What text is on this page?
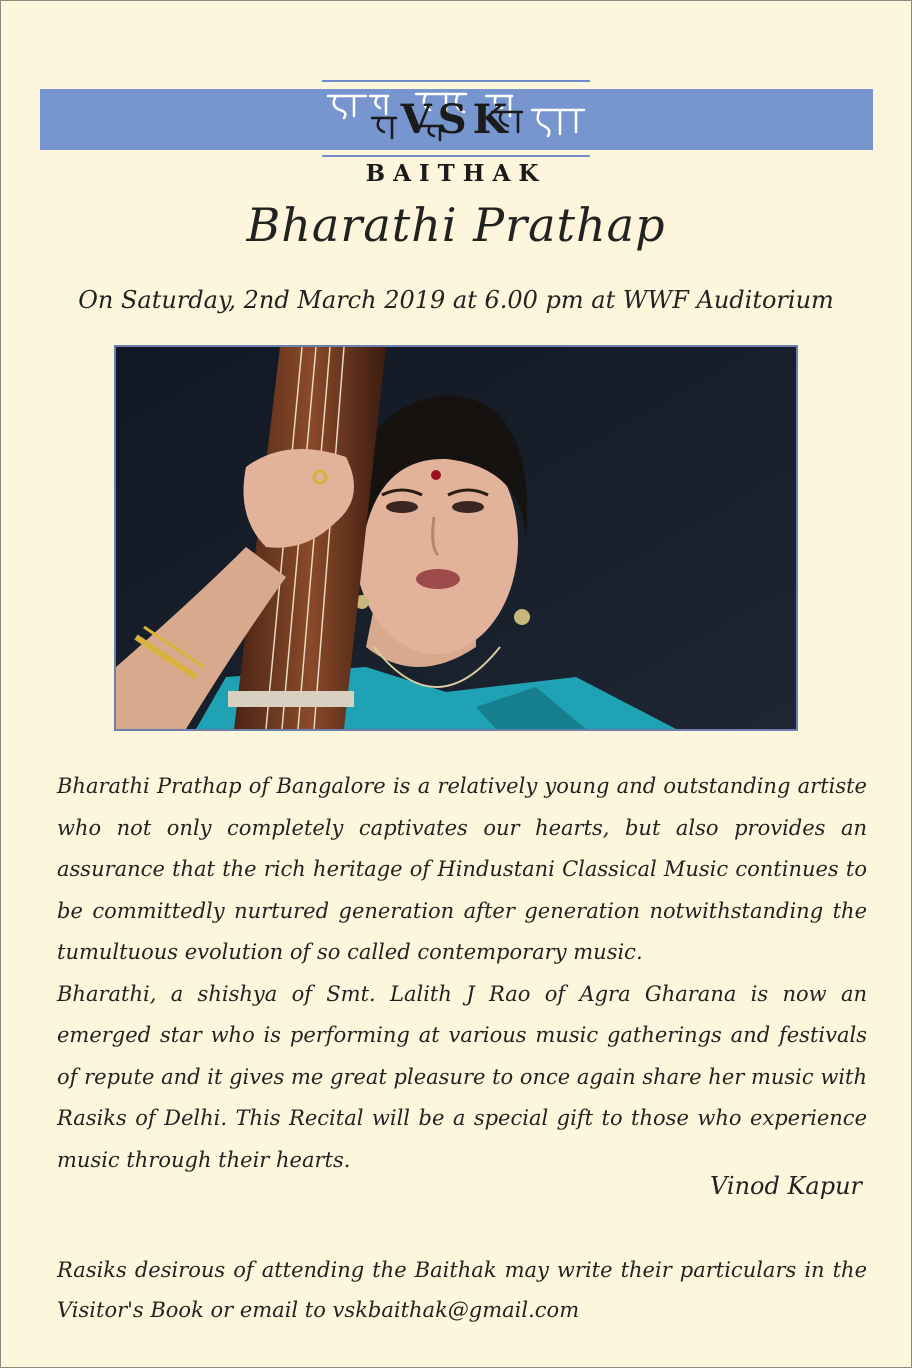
VSK
BAITHAK
Bharathi Prathap
On Saturday, 2nd March 2019 at 6.00 pm at WWF Auditorium

Bharathi Prathap of Bangalore is a relatively young and outstanding artiste who not only completely captivates our hearts, but also provides an assurance that the rich heritage of Hindustani Classical Music continues to be committedly nurtured generation after generation notwithstanding the tumultuous evolution of so called contemporary music.

Bharathi, a shishya of Smt. Lalith J Rao of Agra Gharana is now an emerged star who is performing at various music gatherings and festivals of repute and it gives me great pleasure to once again share her music with Rasiks of Delhi. This Recital will be a special gift to those who experience music through their hearts.

Vinod Kapur

Rasiks desirous of attending the Baithak may write their particulars in the Visitor's Book or email to vskbaithak@gmail.com
